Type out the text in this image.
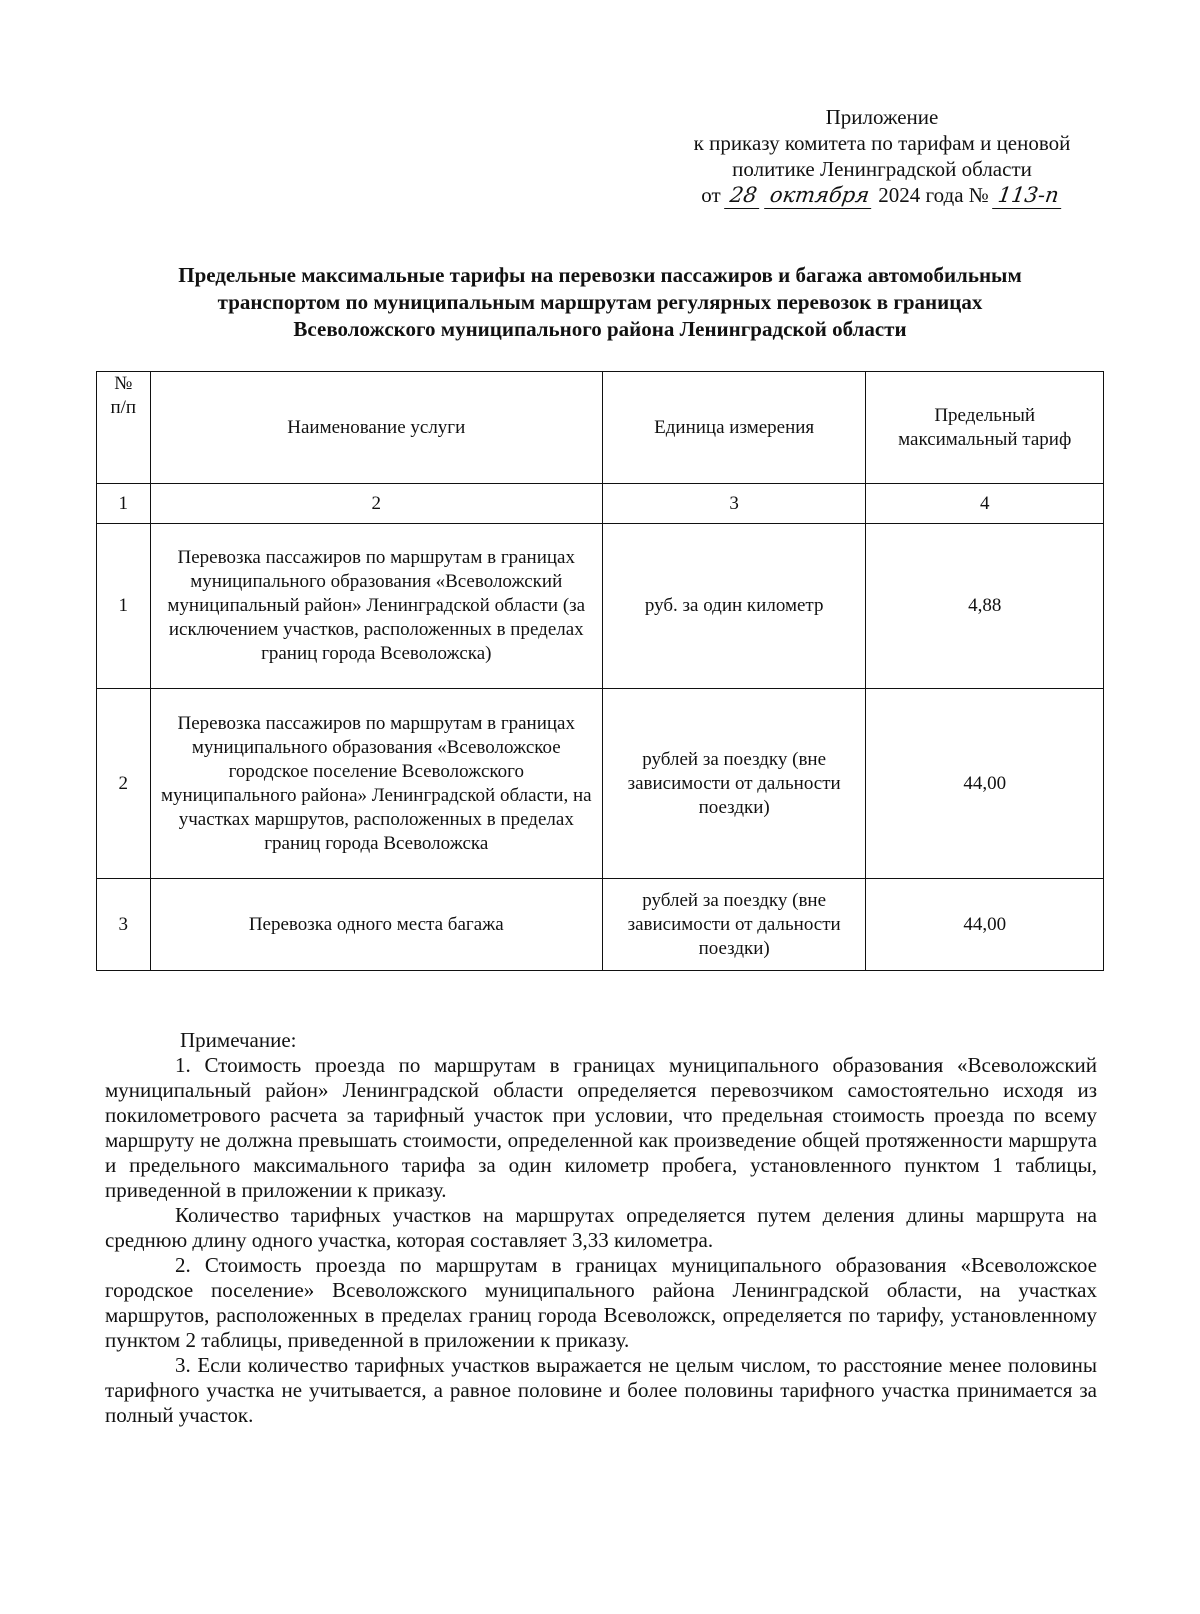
Приложение
к приказу комитета по тарифам и ценовой
политике Ленинградской области
от 28 октября 2024 года № 113-п
Предельные максимальные тарифы на перевозки пассажиров и багажа автомобильным
транспортом по муниципальным маршрутам регулярных перевозок в границах
Всеволожского муниципального района Ленинградской области
№ п/п	Наименование услуги	Единица измерения	Предельный максимальный тариф
1	2	3	4
1	Перевозка пассажиров по маршрутам в границах муниципального образования «Всеволожский муниципальный район» Ленинградской области (за исключением участков, расположенных в пределах границ города Всеволожска)	руб. за один километр	4,88
2	Перевозка пассажиров по маршрутам в границах муниципального образования «Всеволожское городское поселение Всеволожского муниципального района» Ленинградской области, на участках маршрутов, расположенных в пределах границ города Всеволожска	рублей за поездку (вне зависимости от дальности поездки)	44,00
3	Перевозка одного места багажа	рублей за поездку (вне зависимости от дальности поездки)	44,00

Примечание:

1. Стоимость проезда по маршрутам в границах муниципального образования «Всеволожский муниципальный район» Ленинградской области определяется перевозчиком самостоятельно исходя из покилометрового расчета за тарифный участок при условии, что предельная стоимость проезда по всему маршруту не должна превышать стоимости, определенной как произведение общей протяженности маршрута и предельного максимального тарифа за один километр пробега, установленного пунктом 1 таблицы, приведенной в приложении к приказу.

Количество тарифных участков на маршрутах определяется путем деления длины маршрута на среднюю длину одного участка, которая составляет 3,33 километра.

2. Стоимость проезда по маршрутам в границах муниципального образования «Всеволожское городское поселение» Всеволожского муниципального района Ленинградской области, на участках маршрутов, расположенных в пределах границ города Всеволожск, определяется по тарифу, установленному пунктом 2 таблицы, приведенной в приложении к приказу.

3. Если количество тарифных участков выражается не целым числом, то расстояние менее половины тарифного участка не учитывается, а равное половине и более половины тарифного участка принимается за полный участок.
